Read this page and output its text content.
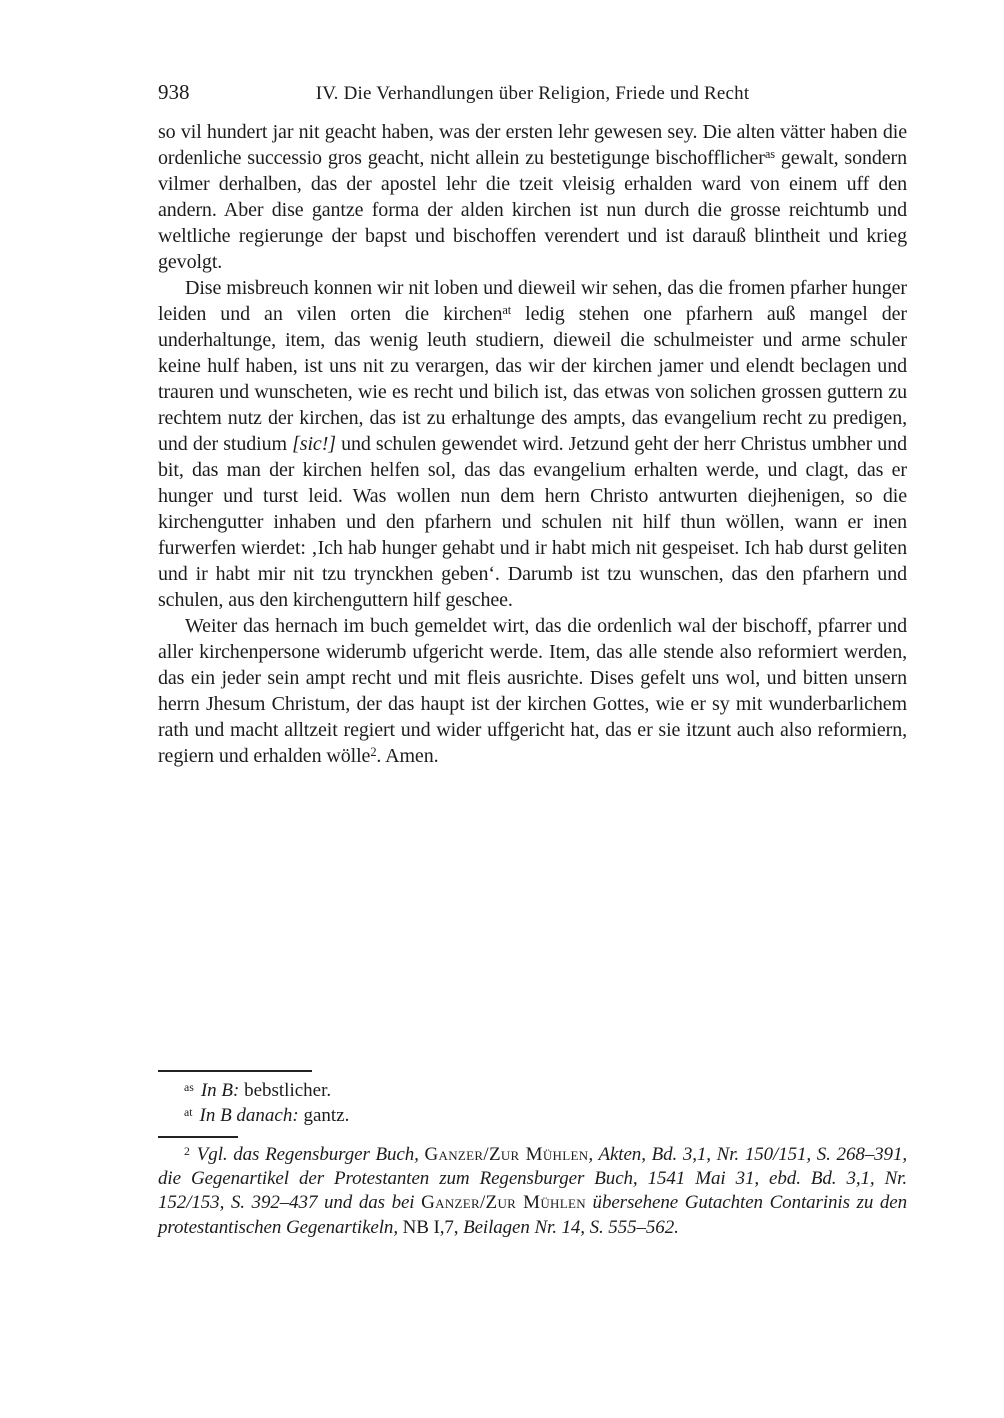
938	IV. Die Verhandlungen über Religion, Friede und Recht
so vil hundert jar nit geacht haben, was der ersten lehr gewesen sey. Die alten vätter haben die ordenliche successio gros geacht, nicht allein zu bestetigunge bischofflicher$^{as}$ gewalt, sondern vilmer derhalben, das der apostel lehr die tzeit vleisig erhalden ward von einem uff den andern. Aber dise gantze forma der alden kirchen ist nun durch die grosse reichtumb und weltliche regierunge der bapst und bischoffen verendert und ist darauß blintheit und krieg gevolgt.
Dise misbreuch konnen wir nit loben und dieweil wir sehen, das die fromen pfarher hunger leiden und an vilen orten die kirchen$^{at}$ ledig stehen one pfarhern auß mangel der underhaltunge, item, das wenig leuth studiern, dieweil die schulmeister und arme schuler keine hulf haben, ist uns nit zu verargen, das wir der kirchen jamer und elendt beclagen und trauren und wunscheten, wie es recht und bilich ist, das etwas von solichen grossen guttern zu rechtem nutz der kirchen, das ist zu erhaltunge des ampts, das evangelium recht zu predigen, und der studium [sic!] und schulen gewendet wird. Jetzund geht der herr Christus umbher und bit, das man der kirchen helfen sol, das das evangelium erhalten werde, und clagt, das er hunger und turst leid. Was wollen nun dem hern Christo antwurten diejhenigen, so die kirchengutter inhaben und den pfarhern und schulen nit hilf thun wöllen, wann er inen furwerfen wierdet: ‚Ich hab hunger gehabt und ir habt mich nit gespeiset. Ich hab durst geliten und ir habt mir nit tzu trynckhen geben‘. Darumb ist tzu wunschen, das den pfarhern und schulen, aus den kirchenguttern hilf geschee.
Weiter das hernach im buch gemeldet wirt, das die ordenlich wal der bischoff, pfarrer und aller kirchenpersone widerumb ufgericht werde. Item, das alle stende also reformiert werden, das ein jeder sein ampt recht und mit fleis ausrichte. Dises gefelt uns wol, und bitten unsern herrn Jhesum Christum, der das haupt ist der kirchen Gottes, wie er sy mit wunderbarlichem rath und macht alltzeit regiert und wider uffgericht hat, das er sie itzunt auch also reformiern, regiern und erhalden wölle$^2$. Amen.
$^{as}$ In B: bebstlicher.
$^{at}$ In B danach: gantz.
$^2$ Vgl. das Regensburger Buch, Ganzer/Zur Mühlen, Akten, Bd. 3,1, Nr. 150/151, S. 268–391, die Gegenartikel der Protestanten zum Regensburger Buch, 1541 Mai 31, ebd. Bd. 3,1, Nr. 152/153, S. 392–437 und das bei Ganzer/Zur Mühlen übersehene Gutachten Contarinis zu den protestantischen Gegenartikeln, NB I,7, Beilagen Nr. 14, S. 555–562.
